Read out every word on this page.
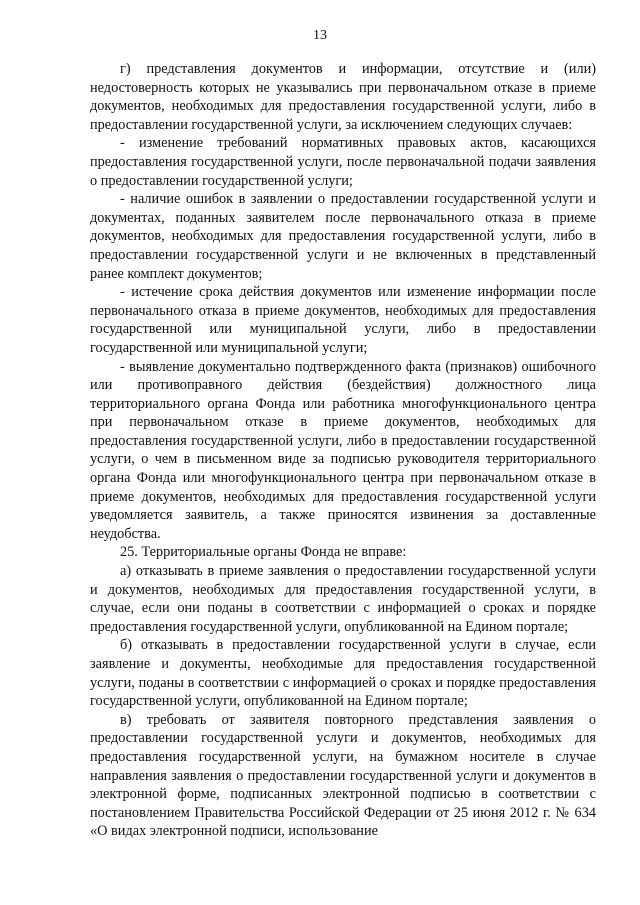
13

г) представления документов и информации, отсутствие и (или) недостоверность которых не указывались при первоначальном отказе в приеме документов, необходимых для предоставления государственной услуги, либо в предоставлении государственной услуги, за исключением следующих случаев:

- изменение требований нормативных правовых актов, касающихся предоставления государственной услуги, после первоначальной подачи заявления о предоставлении государственной услуги;

- наличие ошибок в заявлении о предоставлении государственной услуги и документах, поданных заявителем после первоначального отказа в приеме документов, необходимых для предоставления государственной услуги, либо в предоставлении государственной услуги и не включенных в представленный ранее комплект документов;

- истечение срока действия документов или изменение информации после первоначального отказа в приеме документов, необходимых для предоставления государственной или муниципальной услуги, либо в предоставлении государственной или муниципальной услуги;

- выявление документально подтвержденного факта (признаков) ошибочного или противоправного действия (бездействия) должностного лица территориального органа Фонда или работника многофункционального центра при первоначальном отказе в приеме документов, необходимых для предоставления государственной услуги, либо в предоставлении государственной услуги, о чем в письменном виде за подписью руководителя территориального органа Фонда или многофункционального центра при первоначальном отказе в приеме документов, необходимых для предоставления государственной услуги уведомляется заявитель, а также приносятся извинения за доставленные неудобства.

25. Территориальные органы Фонда не вправе:

а) отказывать в приеме заявления о предоставлении государственной услуги и документов, необходимых для предоставления государственной услуги, в случае, если они поданы в соответствии с информацией о сроках и порядке предоставления государственной услуги, опубликованной на Едином портале;

б) отказывать в предоставлении государственной услуги в случае, если заявление и документы, необходимые для предоставления государственной услуги, поданы в соответствии с информацией о сроках и порядке предоставления государственной услуги, опубликованной на Едином портале;

в) требовать от заявителя повторного представления заявления о предоставлении государственной услуги и документов, необходимых для предоставления государственной услуги, на бумажном носителе в случае направления заявления о предоставлении государственной услуги и документов в электронной форме, подписанных электронной подписью в соответствии с постановлением Правительства Российской Федерации от 25 июня 2012 г. № 634 «О видах электронной подписи, использование
